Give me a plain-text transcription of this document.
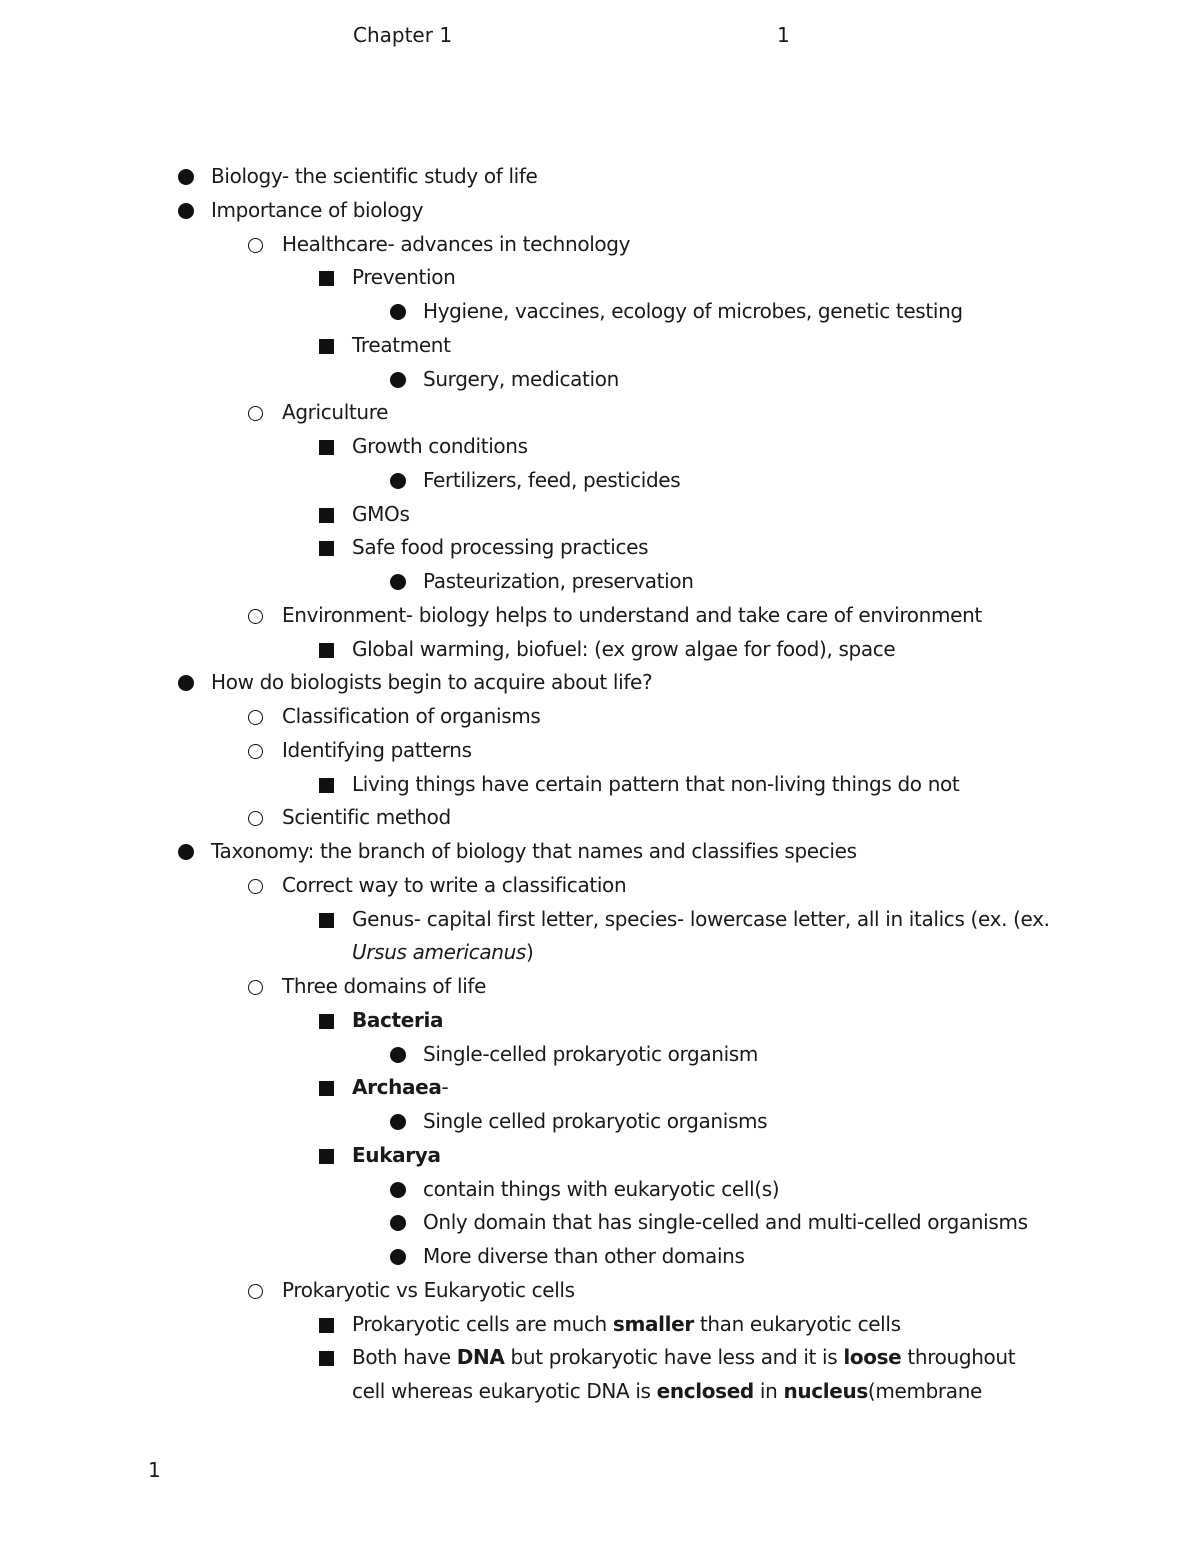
Chapter 1	1
Biology- the scientific study of life
Importance of biology
Healthcare- advances in technology
Prevention
Hygiene, vaccines, ecology of microbes, genetic testing
Treatment
Surgery, medication
Agriculture
Growth conditions
Fertilizers, feed, pesticides
GMOs
Safe food processing practices
Pasteurization, preservation
Environment- biology helps to understand and take care of environment
Global warming, biofuel: (ex grow algae for food), space
How do biologists begin to acquire about life?
Classification of organisms
Identifying patterns
Living things have certain pattern that non-living things do not
Scientific method
Taxonomy: the branch of biology that names and classifies species
Correct way to write a classification
Genus- capital first letter, species- lowercase letter, all in italics (ex. (ex. Ursus americanus)
Three domains of life
Bacteria
Single-celled prokaryotic organism
Archaea-
Single celled prokaryotic organisms
Eukarya
contain things with eukaryotic cell(s)
Only domain that has single-celled and multi-celled organisms
More diverse than other domains
Prokaryotic vs Eukaryotic cells
Prokaryotic cells are much smaller than eukaryotic cells
Both have DNA but prokaryotic have less and it is loose throughout cell whereas eukaryotic DNA is enclosed in nucleus(membrane
1
